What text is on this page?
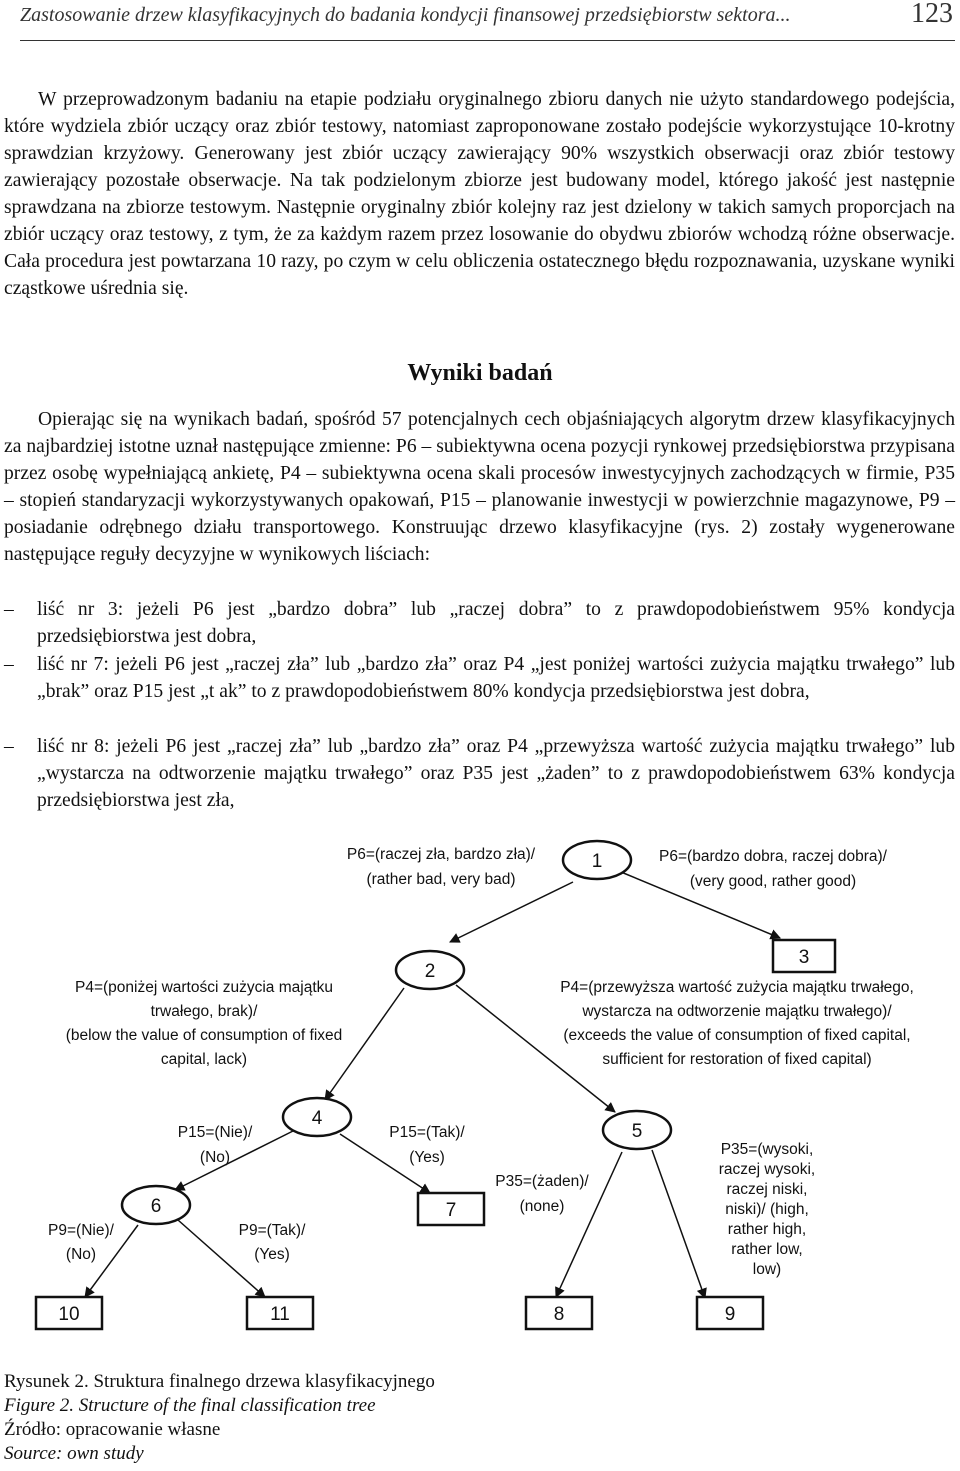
Zastosowanie drzew klasyfikacyjnych do badania kondycji finansowej przedsiębiorstw sektora...	123

W przeprowadzonym badaniu na etapie podziału oryginalnego zbioru danych nie użyto standardowego podejścia, które wydziela zbiór uczący oraz zbiór testowy, natomiast zaproponowane zostało podejście wykorzystujące 10-krotny sprawdzian krzyżowy. Generowany jest zbiór uczący zawierający 90% wszystkich obserwacji oraz zbiór testowy zawierający pozostałe obserwacje. Na tak podzielonym zbiorze jest budowany model, którego jakość jest następnie sprawdzana na zbiorze testowym. Następnie oryginalny zbiór kolejny raz jest dzielony w takich samych proporcjach na zbiór uczący oraz testowy, z tym, że za każdym razem przez losowanie do obydwu zbiorów wchodzą różne obserwacje. Cała procedura jest powtarzana 10 razy, po czym w celu obliczenia ostatecznego błędu rozpoznawania, uzyskane wyniki cząstkowe uśrednia się.

Wyniki badań

Opierając się na wynikach badań, spośród 57 potencjalnych cech objaśniających algorytm drzew klasyfikacyjnych za najbardziej istotne uznał następujące zmienne: P6 – subiektywna ocena pozycji rynkowej przedsiębiorstwa przypisana przez osobę wypełniającą ankietę, P4 – subiektywna ocena skali procesów inwestycyjnych zachodzących w firmie, P35 – stopień standaryzacji wykorzystywanych opakowań, P15 – planowanie inwestycji w powierzchnie magazynowe, P9 – posiadanie odrębnego działu transportowego. Konstruując drzewo klasyfikacyjne (rys. 2) zostały wygenerowane następujące reguły decyzyjne w wynikowych liściach:

– liść nr 3: jeżeli P6 jest „bardzo dobra” lub „raczej dobra” to z prawdopodobieństwem 95% kondycja przedsiębiorstwa jest dobra,
– liść nr 7: jeżeli P6 jest „raczej zła” lub „bardzo zła” oraz P4 „jest poniżej wartości zużycia majątku trwałego” lub „brak” oraz P15 jest „t ak” to z prawdopodobieństwem 80% kondycja przedsiębiorstwa jest dobra,
– liść nr 8: jeżeli P6 jest „raczej zła” lub „bardzo zła” oraz P4 „przewyższa wartość zużycia majątku trwałego” lub „wystarcza na odtworzenie majątku trwałego” oraz P35 jest „żaden” to z prawdopodobieństwem 63% kondycja przedsiębiorstwa jest zła,
1
2
4
5
6
3
7
10	11	8	9
P6=(raczej zła, bardzo zła)/
(rather bad, very bad)
P6=(bardzo dobra, raczej dobra)/
(very good, rather good)
P4=(poniżej wartości zużycia majątku
trwałego, brak)/
(below the value of consumption of fixed
capital, lack)
P4=(przewyższa wartość zużycia majątku trwałego,
wystarcza na odtworzenie majątku trwałego)/
(exceeds the value of consumption of fixed capital,
sufficient for restoration of fixed capital)
P15=(Nie)/
(No)
P15=(Tak)/
(Yes)
P35=(żaden)/
(none)
P35=(wysoki,
raczej wysoki,
raczej niski,
niski)/ (high,
rather high,
rather low,
low)
P9=(Nie)/
(No)
P9=(Tak)/
(Yes)

Rysunek 2. Struktura finalnego drzewa klasyfikacyjnego

Figure 2. Structure of the final classification tree

Źródło: opracowanie własne

Source: own study
